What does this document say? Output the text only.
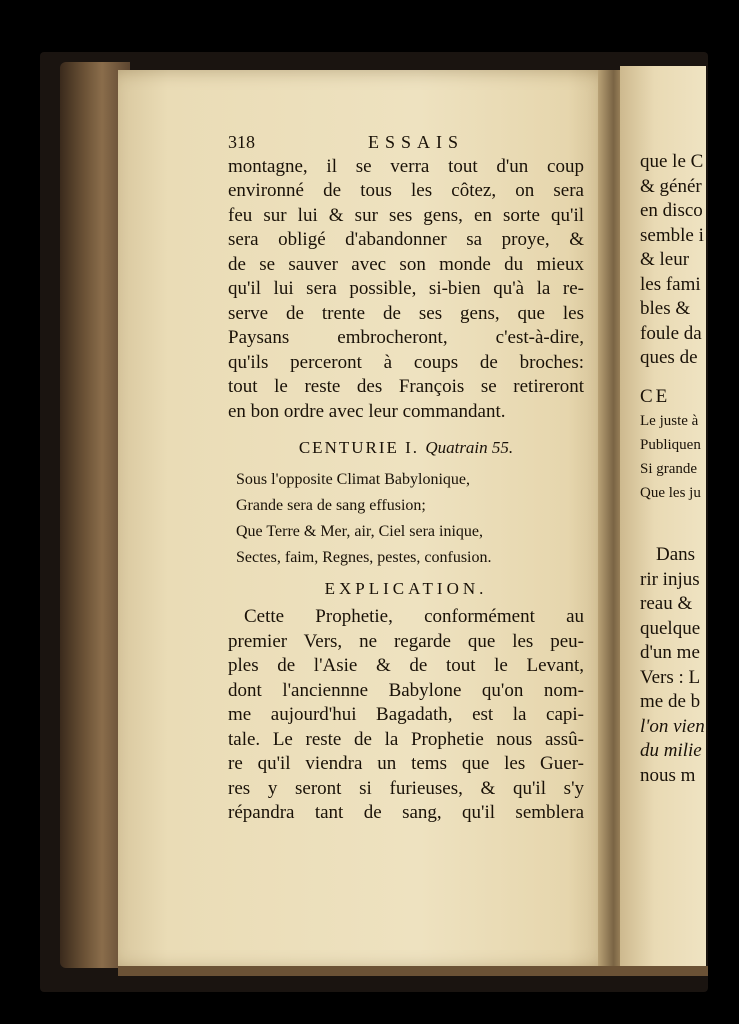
318	ESSAIS
montagne, il se verra tout d'un coup
environné de tous les côtez, on sera
feu sur lui & sur ses gens, en sorte qu'il
sera obligé d'abandonner sa proye, &
de se sauver avec son monde du mieux
qu'il lui sera possible, si-bien qu'à la re-
serve de trente de ses gens, que les
Paysans embrocheront, c'est-à-dire,
qu'ils perceront à coups de broches:
tout le reste des François se retireront
en bon ordre avec leur commandant.
CENTURIE I. Quatrain 55.
Sous l'opposite Climat Babylonique,
Grande sera de sang effusion;
Que Terre & Mer, air, Ciel sera inique,
Sectes, faim, Regnes, pestes, confusion.
EXPLICATION.
Cette Prophetie, conformément au
premier Vers, ne regarde que les peu-
ples de l'Asie & de tout le Levant,
dont l'anciennne Babylone qu'on nom-
me aujourd'hui Bagadath, est la capi-
tale. Le reste de la Prophetie nous assû-
re qu'il viendra un tems que les Guer-
res y seront si furieuses, & qu'il s'y
répandra tant de sang, qu'il semblera
que le C
& génér
en disco
semble i
& leur
les fami
bles &
foule da
ques de
CE
Le juste à
Publiquen
Si grande
Que les ju
Dans
rir injus
reau &
quelque
d'un me
Vers : L
me de b
l'on vien
du milie
nous m
